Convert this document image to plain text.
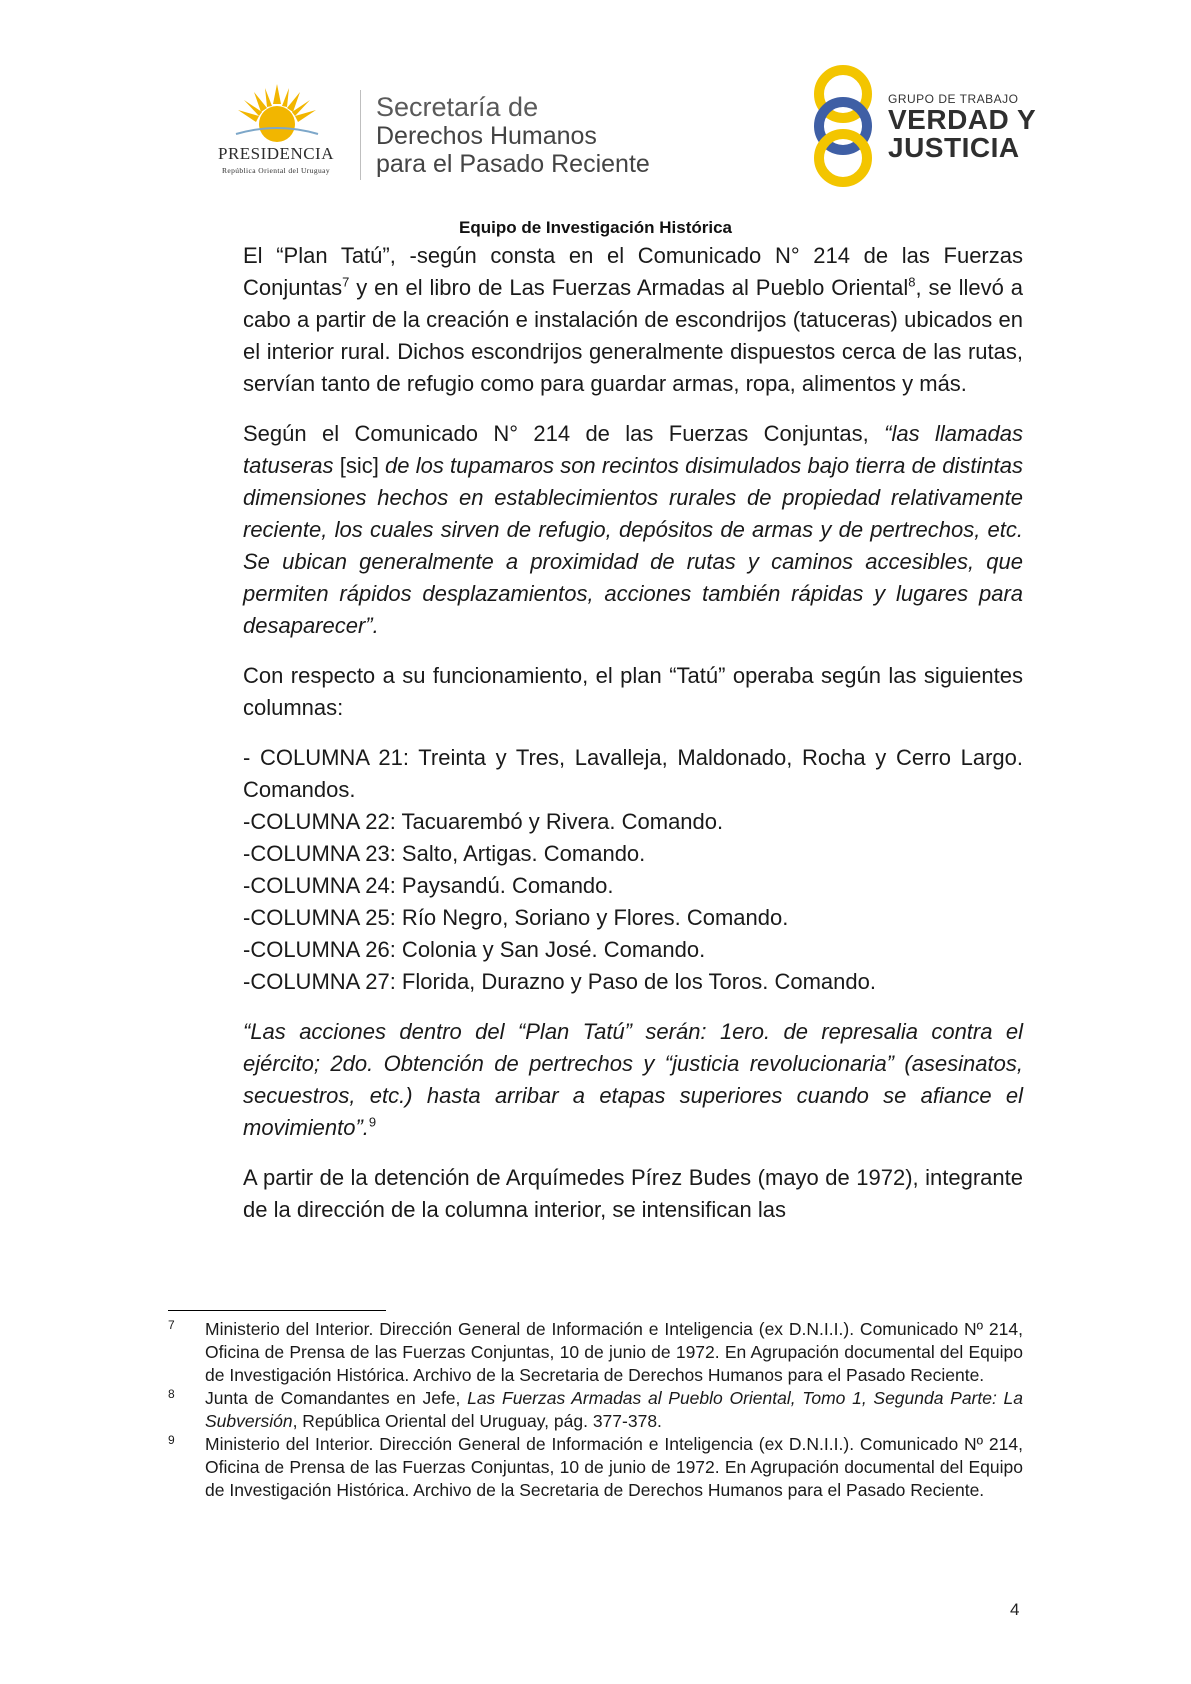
PRESIDENCIA
República Oriental del Uruguay
Secretaría de
Derechos Humanos
para el Pasado Reciente
GRUPO DE TRABAJO
VERDAD Y
JUSTICIA
Equipo de Investigación Histórica

El “Plan Tatú”, -según consta en el Comunicado N° 214 de las Fuerzas Conjuntas$^7$ y en el libro de Las Fuerzas Armadas al Pueblo Oriental$^8$, se llevó a cabo a partir de la creación e instalación de escondrijos (tatuceras) ubicados en el interior rural. Dichos escondrijos generalmente dispuestos cerca de las rutas, servían tanto de refugio como para guardar armas, ropa, alimentos y más.

Según el Comunicado N° 214 de las Fuerzas Conjuntas, “las llamadas tatuseras [sic] de los tupamaros son recintos disimulados bajo tierra de distintas dimensiones hechos en establecimientos rurales de propiedad relativamente reciente, los cuales sirven de refugio, depósitos de armas y de pertrechos, etc. Se ubican generalmente a proximidad de rutas y caminos accesibles, que permiten rápidos desplazamientos, acciones también rápidas y lugares para desaparecer”.

Con respecto a su funcionamiento, el plan “Tatú” operaba según las siguientes columnas:

- COLUMNA 21: Treinta y Tres, Lavalleja, Maldonado, Rocha y Cerro Largo. Comandos.

-COLUMNA 22: Tacuarembó y Rivera. Comando.

-COLUMNA 23: Salto, Artigas. Comando.

-COLUMNA 24: Paysandú. Comando.

-COLUMNA 25: Río Negro, Soriano y Flores. Comando.

-COLUMNA 26: Colonia y San José. Comando.

-COLUMNA 27: Florida, Durazno y Paso de los Toros. Comando.

“Las acciones dentro del “Plan Tatú” serán: 1ero. de represalia contra el ejército; 2do. Obtención de pertrechos y “justicia revolucionaria” (asesinatos, secuestros, etc.) hasta arribar a etapas superiores cuando se afiance el movimiento”.$^9$

A partir de la detención de Arquímedes Pírez Budes (mayo de 1972), integrante de la dirección de la columna interior, se intensifican las

7 Ministerio del Interior. Dirección General de Información e Inteligencia (ex D.N.I.I.). Comunicado Nº 214, Oficina de Prensa de las Fuerzas Conjuntas, 10 de junio de 1972. En Agrupación documental del Equipo de Investigación Histórica. Archivo de la Secretaria de Derechos Humanos para el Pasado Reciente.
8 Junta de Comandantes en Jefe, Las Fuerzas Armadas al Pueblo Oriental, Tomo 1, Segunda Parte: La Subversión, República Oriental del Uruguay, pág. 377-378.
9 Ministerio del Interior. Dirección General de Información e Inteligencia (ex D.N.I.I.). Comunicado Nº 214, Oficina de Prensa de las Fuerzas Conjuntas, 10 de junio de 1972. En Agrupación documental del Equipo de Investigación Histórica. Archivo de la Secretaria de Derechos Humanos para el Pasado Reciente.
4
